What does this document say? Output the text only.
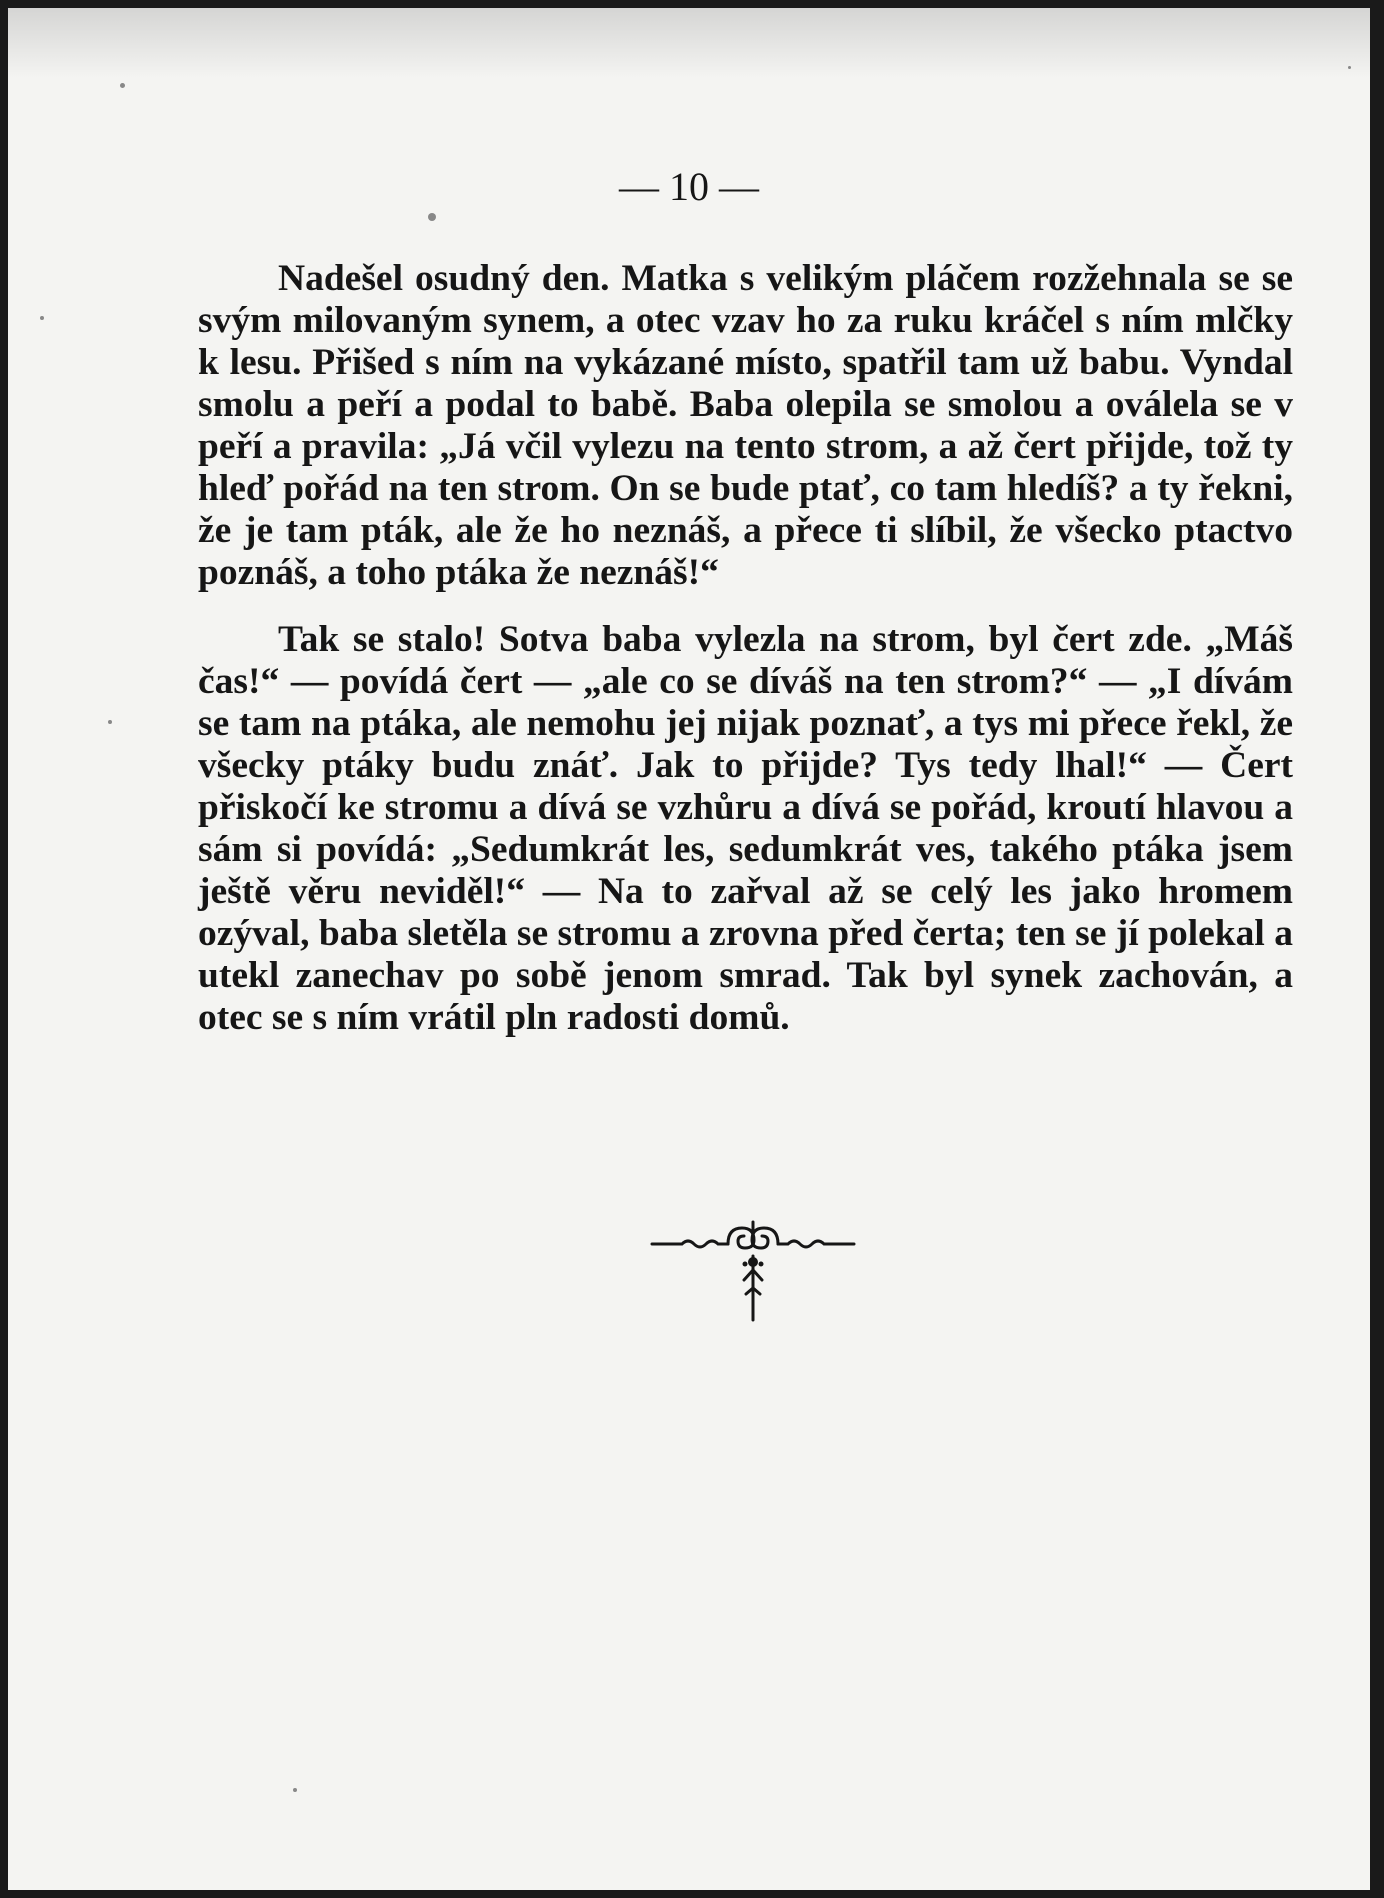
— 10 —

Nadešel osudný den. Matka s velikým pláčem rozžehnala se se svým milovaným synem, a otec vzav ho za ruku kráčel s ním mlčky k lesu. Přišed s ním na vykázané místo, spatřil tam už babu. Vyndal smolu a peří a podal to babě. Baba olepila se smolou a oválela se v peří a pravila: „Já včil vylezu na tento strom, a až čert přijde, tož ty hleď pořád na ten strom. On se bude ptať, co tam hledíš? a ty řekni, že je tam pták, ale že ho neznáš, a přece ti slíbil, že všecko ptactvo poznáš, a toho ptáka že neznáš!“

Tak se stalo! Sotva baba vylezla na strom, byl čert zde. „Máš čas!“ — povídá čert — „ale co se díváš na ten strom?“ — „I dívám se tam na ptáka, ale nemohu jej nijak poznať, a tys mi přece řekl, že všecky ptáky budu znáť. Jak to přijde? Tys tedy lhal!“ — Čert přiskočí ke stromu a dívá se vzhůru a dívá se pořád, kroutí hlavou a sám si povídá: „Sedumkrát les, sedumkrát ves, takého ptáka jsem ještě věru neviděl!“ — Na to zařval až se celý les jako hromem ozýval, baba sletěla se stromu a zrovna před čerta; ten se jí polekal a utekl zanechav po sobě jenom smrad. Tak byl synek zachován, a otec se s ním vrátil pln radosti domů.
